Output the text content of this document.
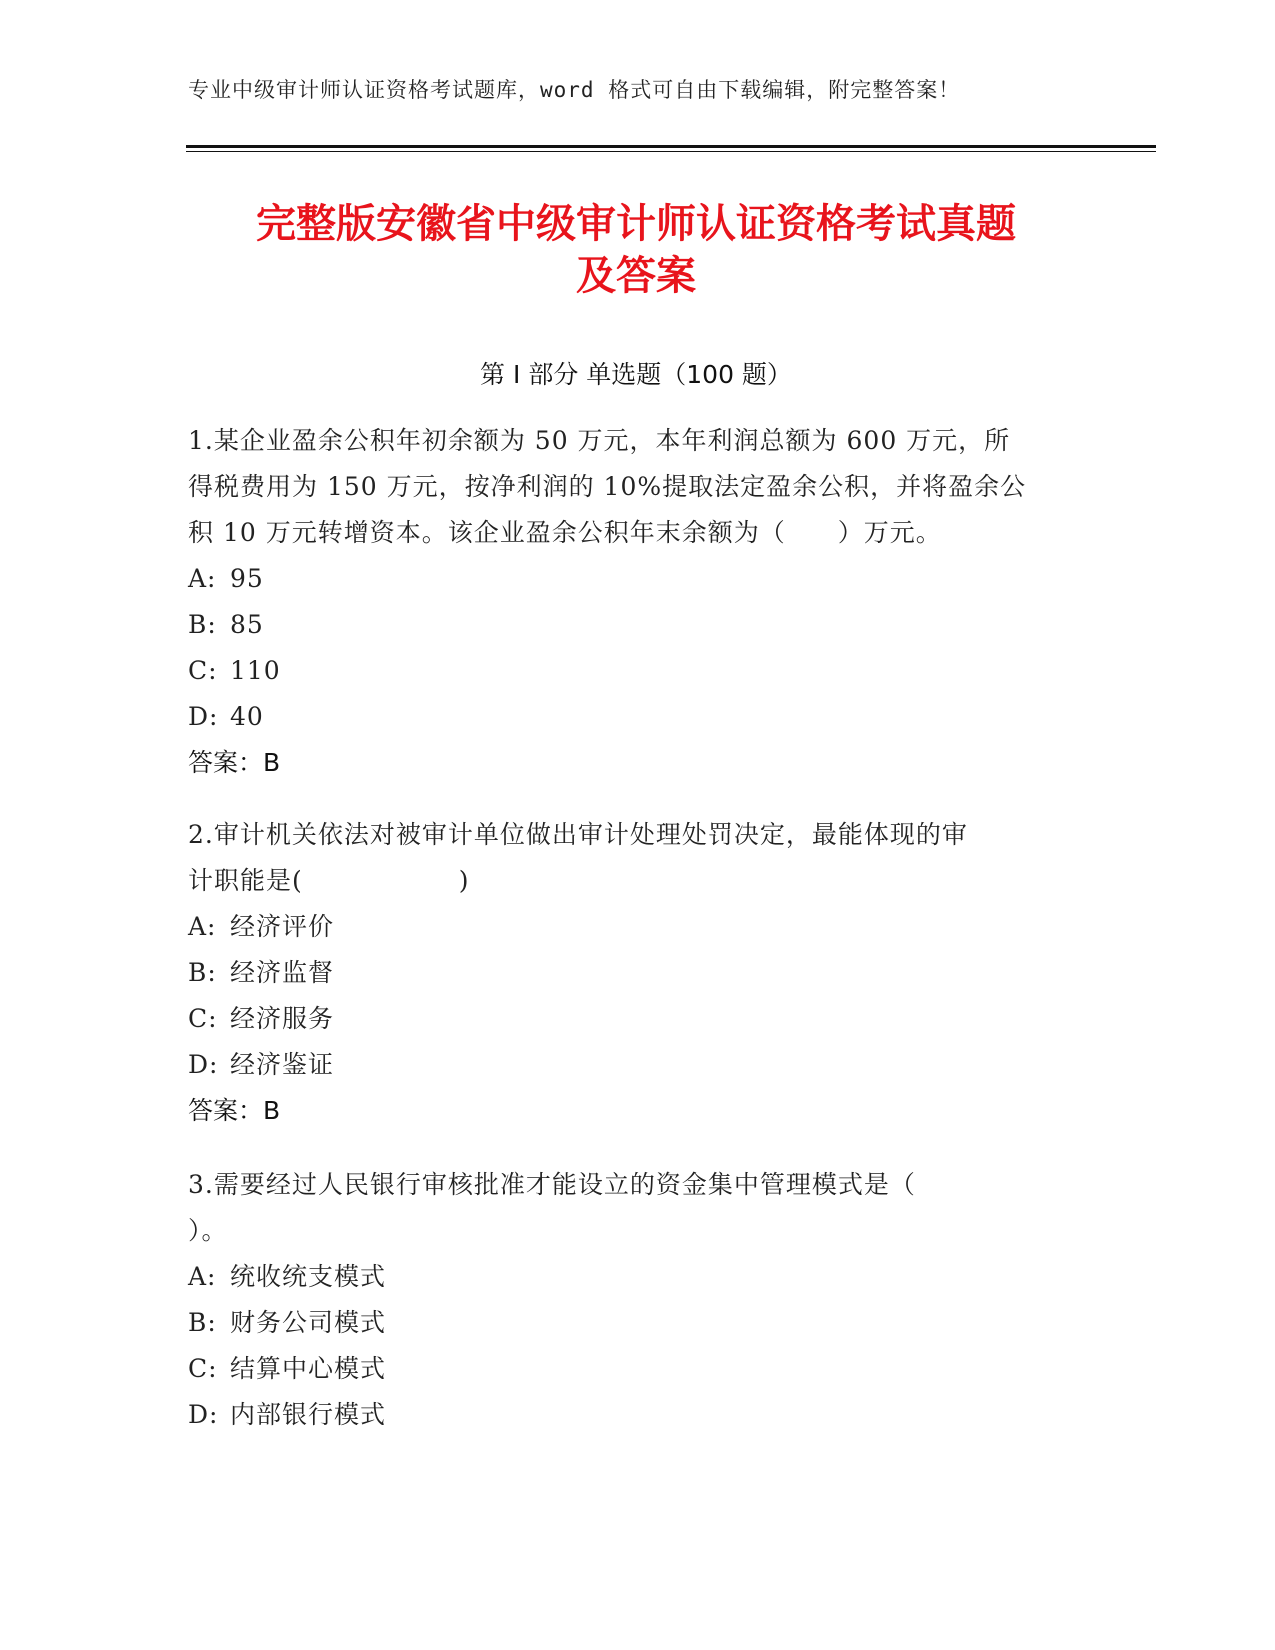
专业中级审计师认证资格考试题库，word 格式可自由下载编辑，附完整答案！
完整版安徽省中级审计师认证资格考试真题
及答案
第 I 部分 单选题（100 题）

1.某企业盈余公积年初余额为 50 万元，本年利润总额为 600 万元，所

得税费用为 150 万元，按净利润的 10%提取法定盈余公积，并将盈余公

积 10 万元转增资本。该企业盈余公积年末余额为（　　）万元。

A: 95

B: 85

C: 110

D: 40

答案：B

2.审计机关依法对被审计单位做出审计处理处罚决定，最能体现的审

计职能是(　　　　　　)

A: 经济评价

B: 经济监督

C: 经济服务

D: 经济鉴证

答案：B

3.需要经过人民银行审核批准才能设立的资金集中管理模式是（

）。

A: 统收统支模式

B: 财务公司模式

C: 结算中心模式

D: 内部银行模式
